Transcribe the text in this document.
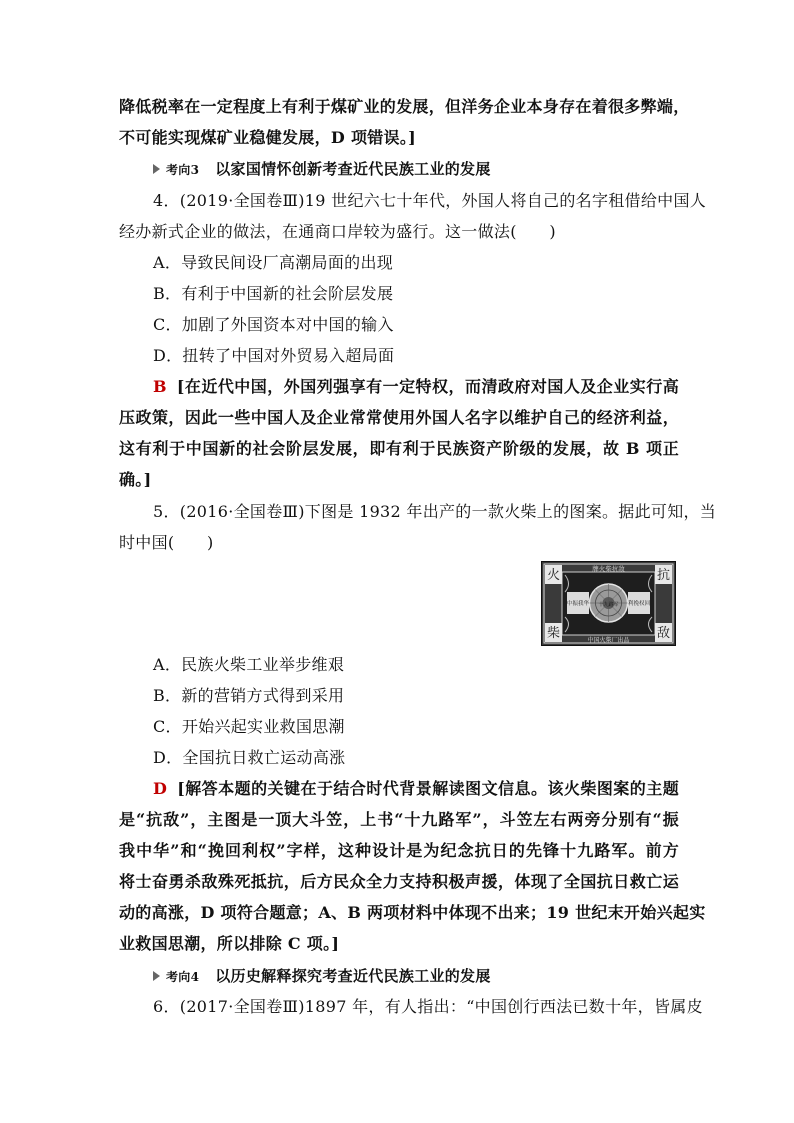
降低税率在一定程度上有利于煤矿业的发展，但洋务企业本身存在着很多弊端，
不可能实现煤矿业稳健发展，D 项错误。]
考向3 以家国情怀创新考查近代民族工业的发展
4．(2019·全国卷Ⅲ)19 世纪六七十年代，外国人将自己的名字租借给中国人
经办新式企业的做法，在通商口岸较为盛行。这一做法(　　)
A．导致民间设厂高潮局面的出现
B．有利于中国新的社会阶层发展
C．加剧了外国资本对中国的输入
D．扭转了中国对外贸易入超局面
B [在近代中国，外国列强享有一定特权，而清政府对国人及企业实行高
压政策，因此一些中国人及企业常常使用外国人名字以维护自己的经济利益，
这有利于中国新的社会阶层发展，即有利于民族资产阶级的发展，故 B 项正
确。]
5．(2016·全国卷Ⅲ)下图是 1932 年出产的一款火柴上的图案。据此可知，当
时中国(　　)
火	抗
柴	敌
牌火柴抗敌
中国火柴厂出品
中振我华	利挽权回
十九路军
A．民族火柴工业举步维艰
B．新的营销方式得到采用
C．开始兴起实业救国思潮
D．全国抗日救亡运动高涨
D [解答本题的关键在于结合时代背景解读图文信息。该火柴图案的主题
是“抗敌”，主图是一顶大斗笠，上书“十九路军”，斗笠左右两旁分别有“振
我中华”和“挽回利权”字样，这种设计是为纪念抗日的先锋十九路军。前方
将士奋勇杀敌殊死抵抗，后方民众全力支持积极声援，体现了全国抗日救亡运
动的高涨，D 项符合题意；A、B 两项材料中体现不出来；19 世纪末开始兴起实
业救国思潮，所以排除 C 项。]
考向4 以历史解释探究考查近代民族工业的发展
6．(2017·全国卷Ⅲ)1897 年，有人指出：“中国创行西法已数十年，皆属皮
